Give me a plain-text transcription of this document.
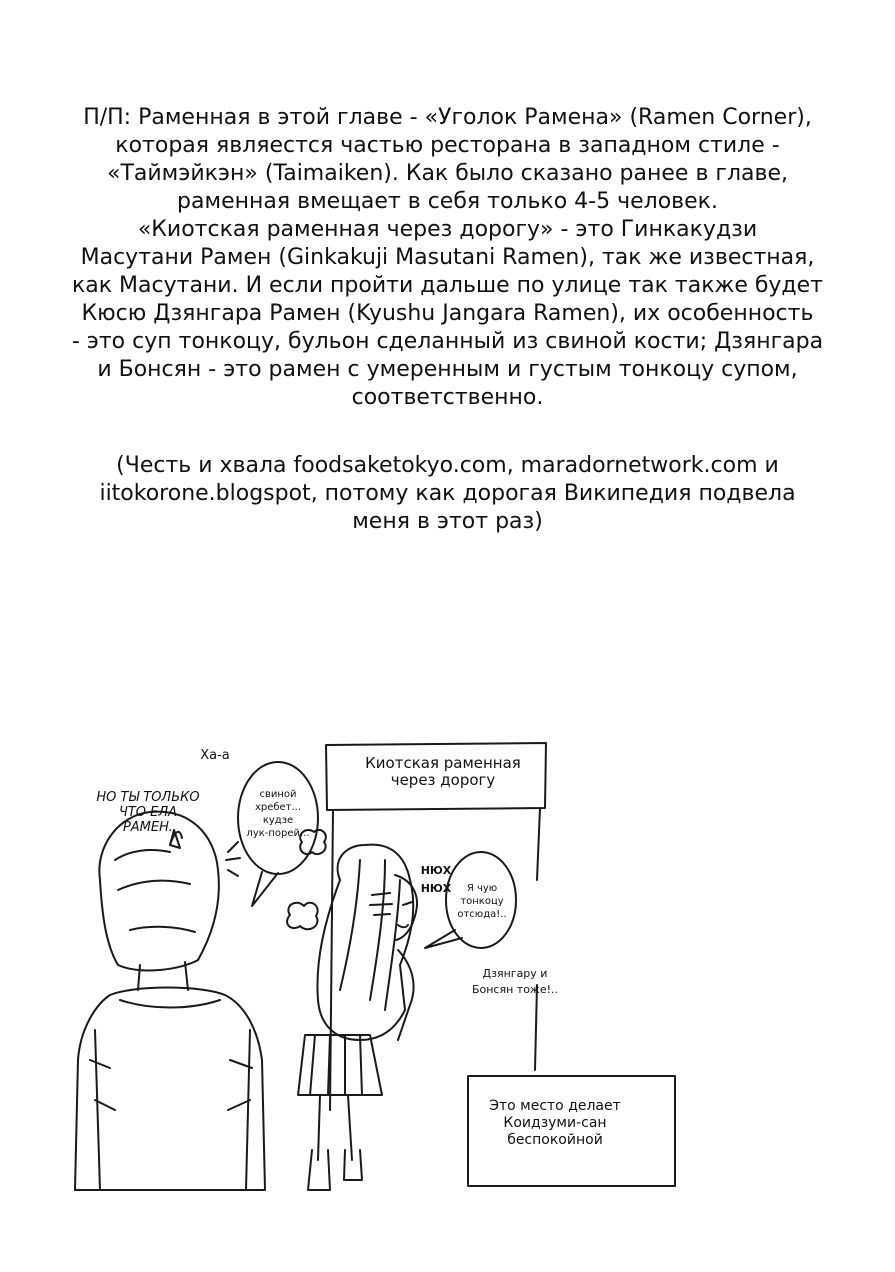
П/П: Раменная в этой главе - «Уголок Рамена» (Ramen Corner),

которая являестся частью ресторана в западном стиле -

«Таймэйкэн» (Taimaiken). Как было сказано ранее в главе,

раменная вмещает в себя только 4-5 человек.

«Киотская раменная через дорогу» - это Гинкакудзи

Масутани Рамен (Ginkakuji Masutani Ramen), так же известная,

как Масутани. И если пройти дальше по улице так также будет

Кюсю Дзянгара Рамен (Kyushu Jangara Ramen), их особенность

- это суп тонкоцу, бульон сделанный из свиной кости; Дзянгара

и Бонсян - это рамен с умеренным и густым тонкоцу супом,

соответственно.

(Честь и хвала foodsaketokyo.com, maradornetwork.com и
iitokorone.blogspot, потому как дорогая Википедия подвела
меня в этот раз)
Киотская раменная
через дорогу
Ха-а
НО ТЫ ТОЛЬКО
ЧТО ЕЛА
РАМЕН.
свиной
хребет...
кудзе
лук-порей...
НЮХ
НЮХ	Я чую
тонкоцу
отсюда!..
Дзянгару и
Бонсян тоже!..
Это место делает
Коидзуми-сан
беспокойной
